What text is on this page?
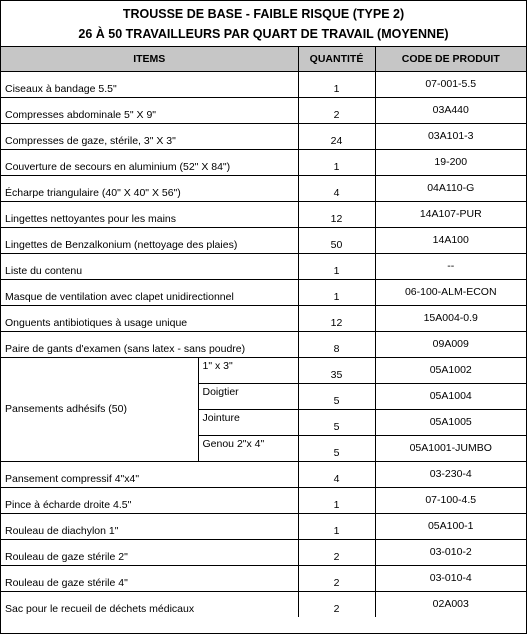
TROUSSE DE BASE - FAIBLE RISQUE (TYPE 2)
26 À 50 TRAVAILLEURS PAR QUART DE TRAVAIL (MOYENNE)
ITEMS		QUANTITÉ	CODE DE PRODUIT
Ciseaux à bandage 5.5"		1	07-001-5.5
Compresses abdominale 5" X 9"		2	03A440
Compresses de gaze, stérile, 3" X 3"		24	03A101-3
Couverture de secours en aluminium (52" X 84")		1	19-200
Écharpe triangulaire (40" X 40" X 56")		4	04A110-G
Lingettes nettoyantes pour les mains		12	14A107-PUR
Lingettes de Benzalkonium (nettoyage des plaies)		50	14A100
Liste du contenu		1	--
Masque de ventilation avec clapet unidirectionnel		1	06-100-ALM-ECON
Onguents antibiotiques à usage unique		12	15A004-0.9
Paire de gants d'examen (sans latex - sans poudre)		8	09A009
Pansements adhésifs (50)	1" x 3"	35	05A1002
	Doigtier	5	05A1004
	Jointure	5	05A1005
	Genou 2"x 4"	5	05A1001-JUMBO
Pansement compressif 4"x4"		4	03-230-4
Pince à écharde droite 4.5"		1	07-100-4.5
Rouleau de diachylon 1"		1	05A100-1
Rouleau de gaze stérile 2"		2	03-010-2
Rouleau de gaze stérile 4"		2	03-010-4
Sac pour le recueil de déchets médicaux		2	02A003
